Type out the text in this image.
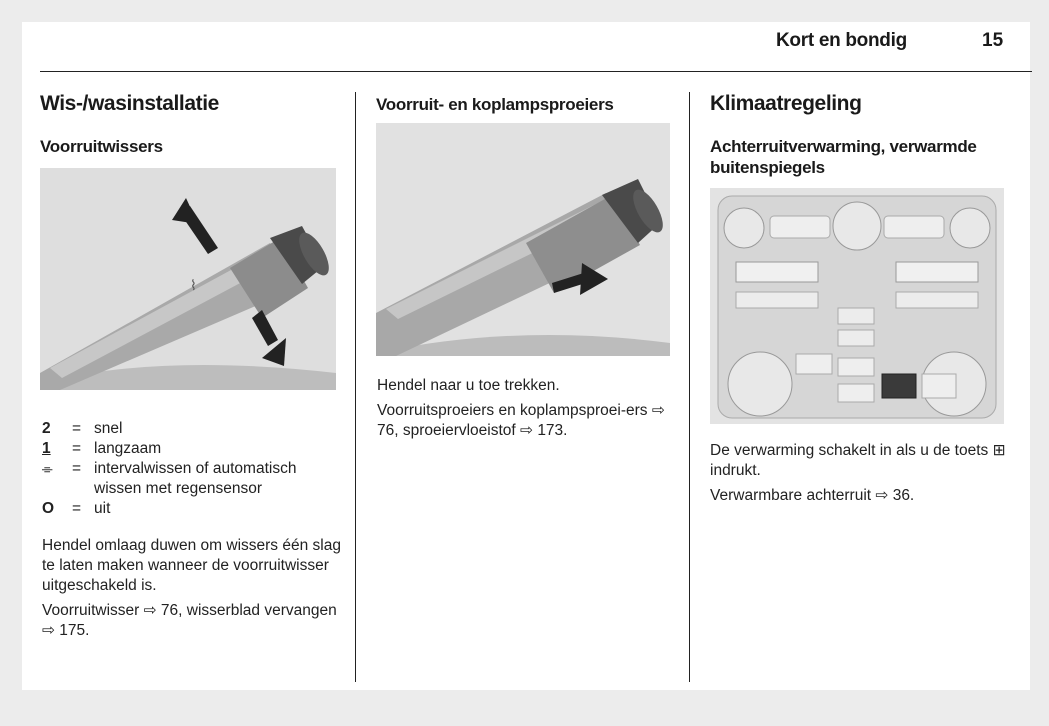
Kort en bondig	15
Wis-/wasinstallatie
Voorruitwissers
⌇
2	= snel
1	= langzaam
⌯	= intervalwissen of automatisch wissen met regensensor
O	= uit

Hendel omlaag duwen om wissers één slag te laten maken wanneer de voorruitwisser uitgeschakeld is.

Voorruitwisser ⇨ 76, wisserblad vervangen ⇨ 175.

Voorruit- en koplampsproeiers

Hendel naar u toe trekken.

Voorruitsproeiers en koplampsproei-ers ⇨ 76, sproeiervloeistof ⇨ 173.

Klimaatregeling
Achterruitverwarming, verwarmde buitenspiegels

De verwarming schakelt in als u de toets ⊞ indrukt.

Verwarmbare achterruit ⇨ 36.
